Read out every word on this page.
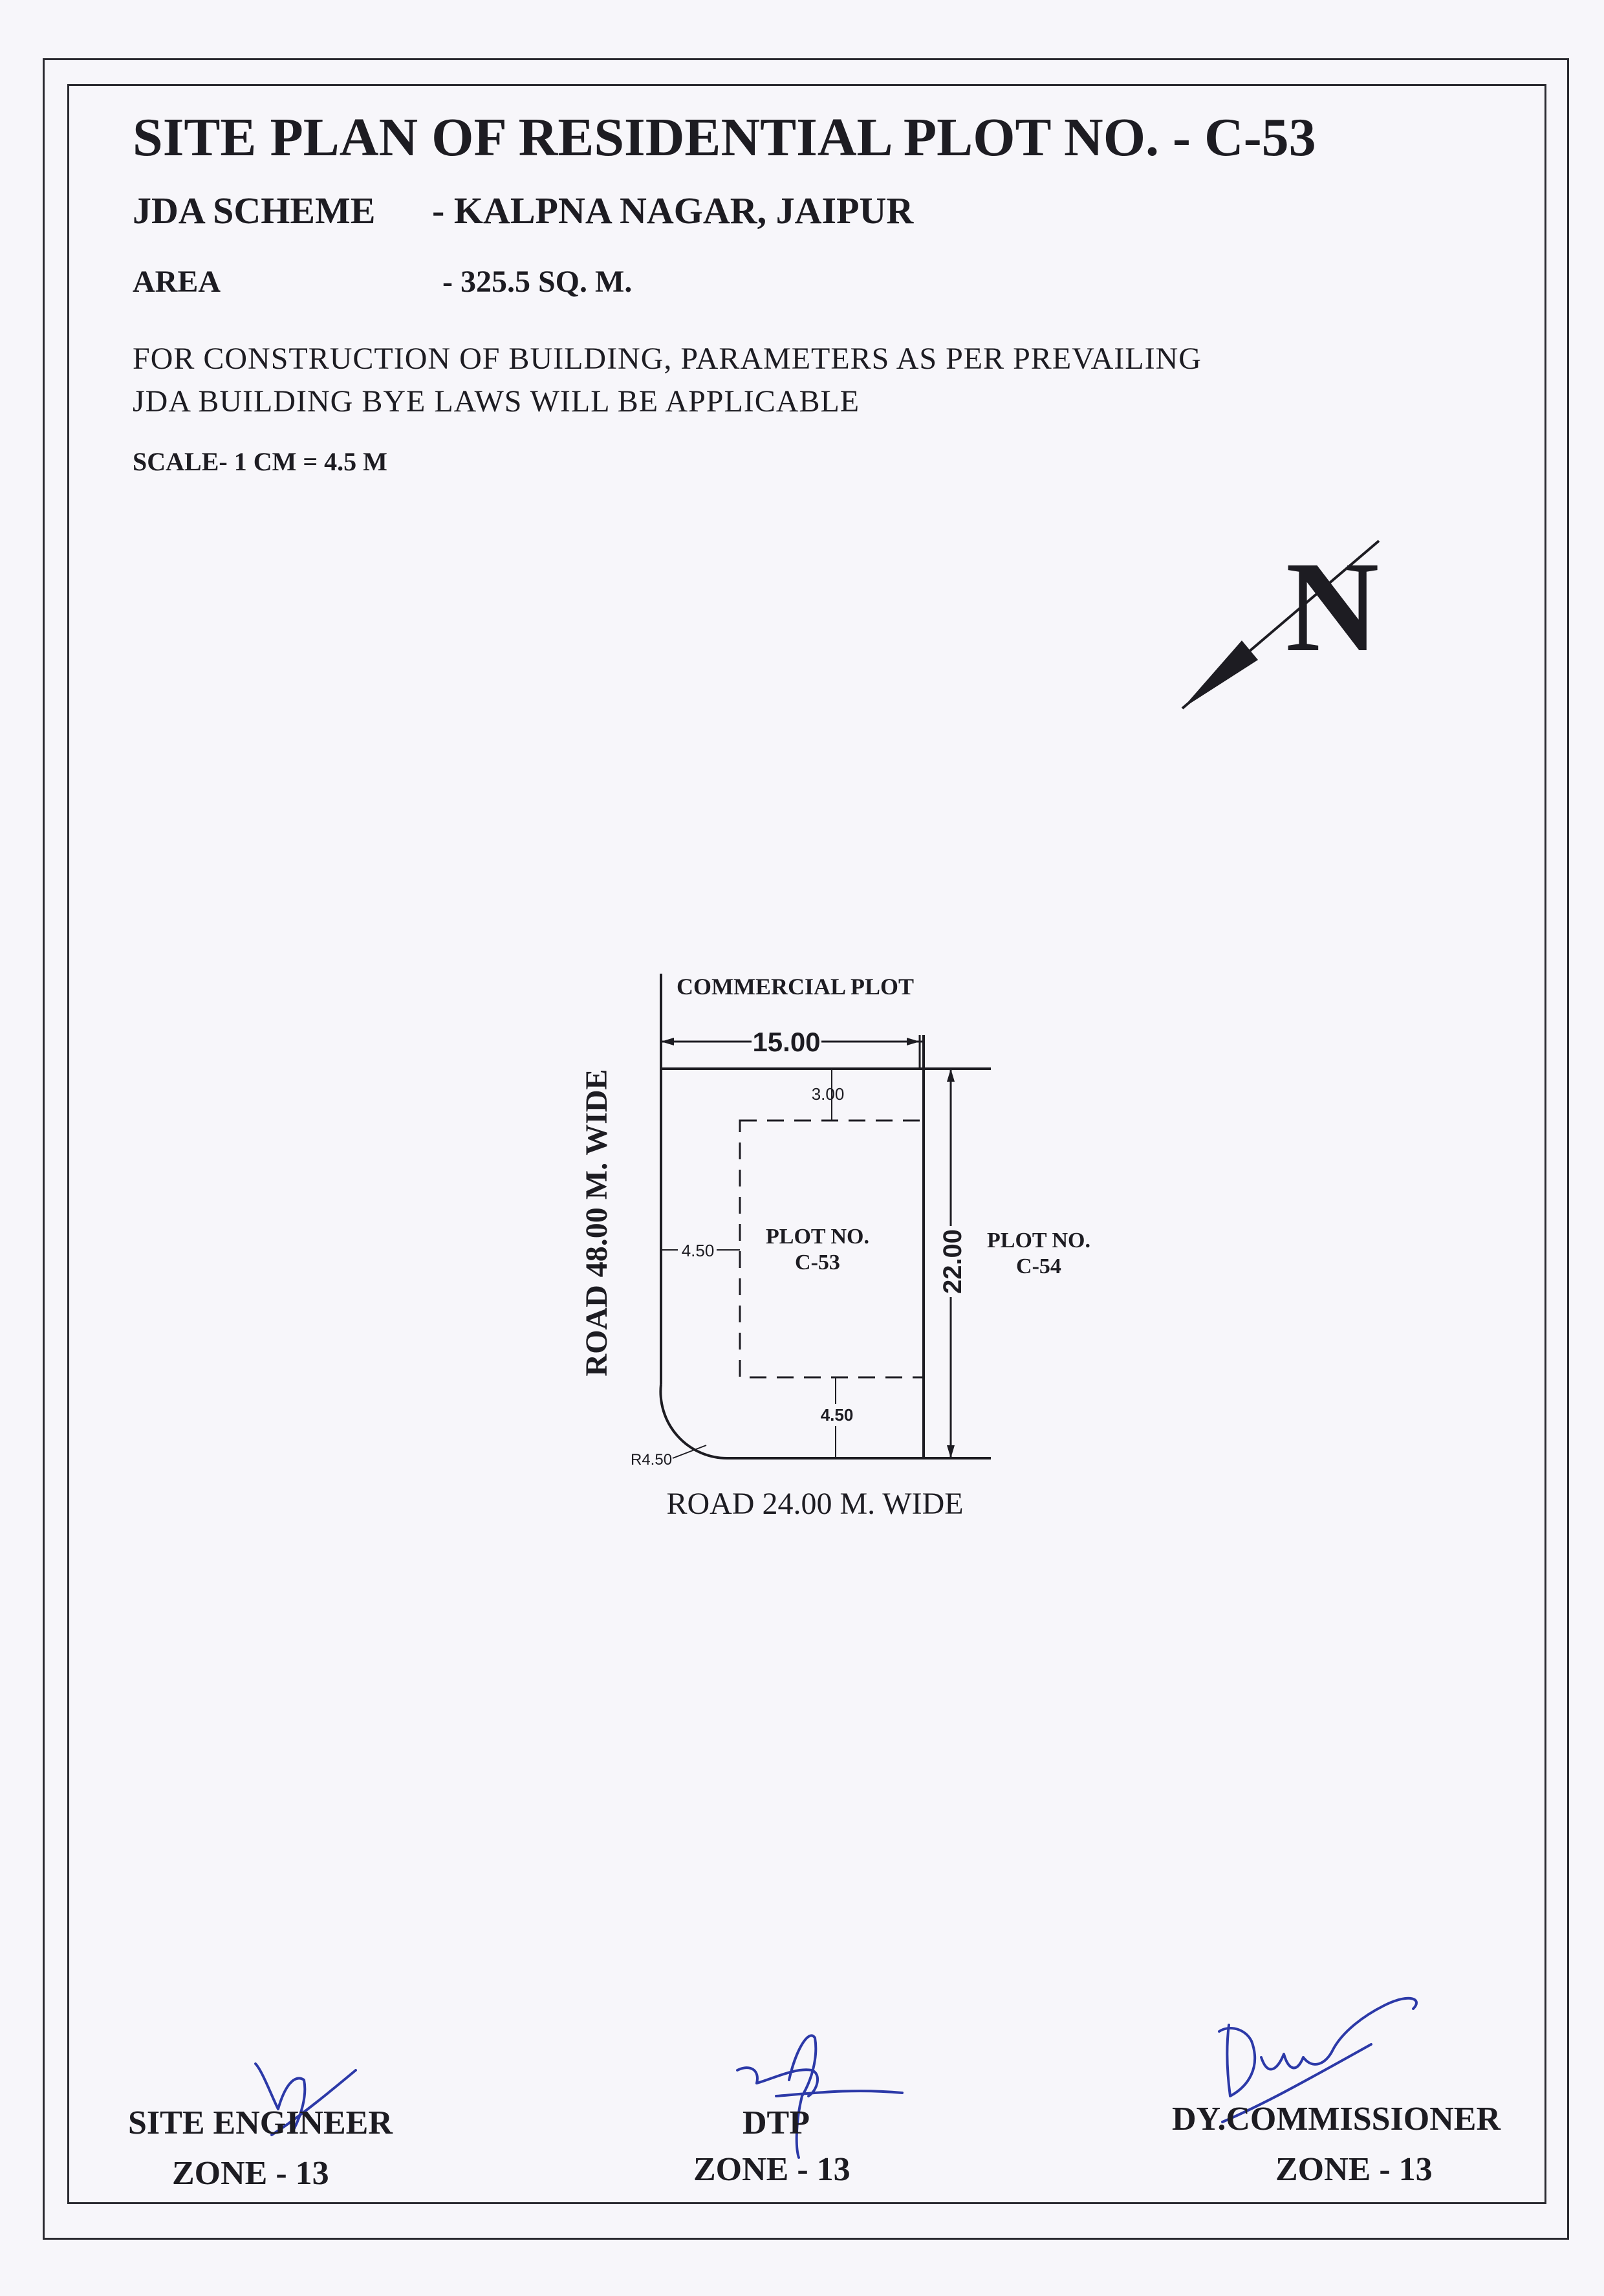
SITE PLAN OF RESIDENTIAL PLOT NO. - C-53
JDA SCHEME - KALPNA NAGAR, JAIPUR
AREA	- 325.5 SQ. M.
FOR CONSTRUCTION OF BUILDING, PARAMETERS AS PER PREVAILING
JDA BUILDING BYE LAWS WILL BE APPLICABLE
SCALE- 1 CM = 4.5 M
N
15.00
22.00
3.00
4.50
4.50
R4.50
COMMERCIAL PLOT
PLOT NO.
C-53
PLOT NO.
C-54
ROAD 48.00 M. WIDE
ROAD 24.00 M. WIDE
SITE ENGINEER
ZONE - 13
DTP
ZONE - 13
DY.COMMISSIONER
ZONE - 13
